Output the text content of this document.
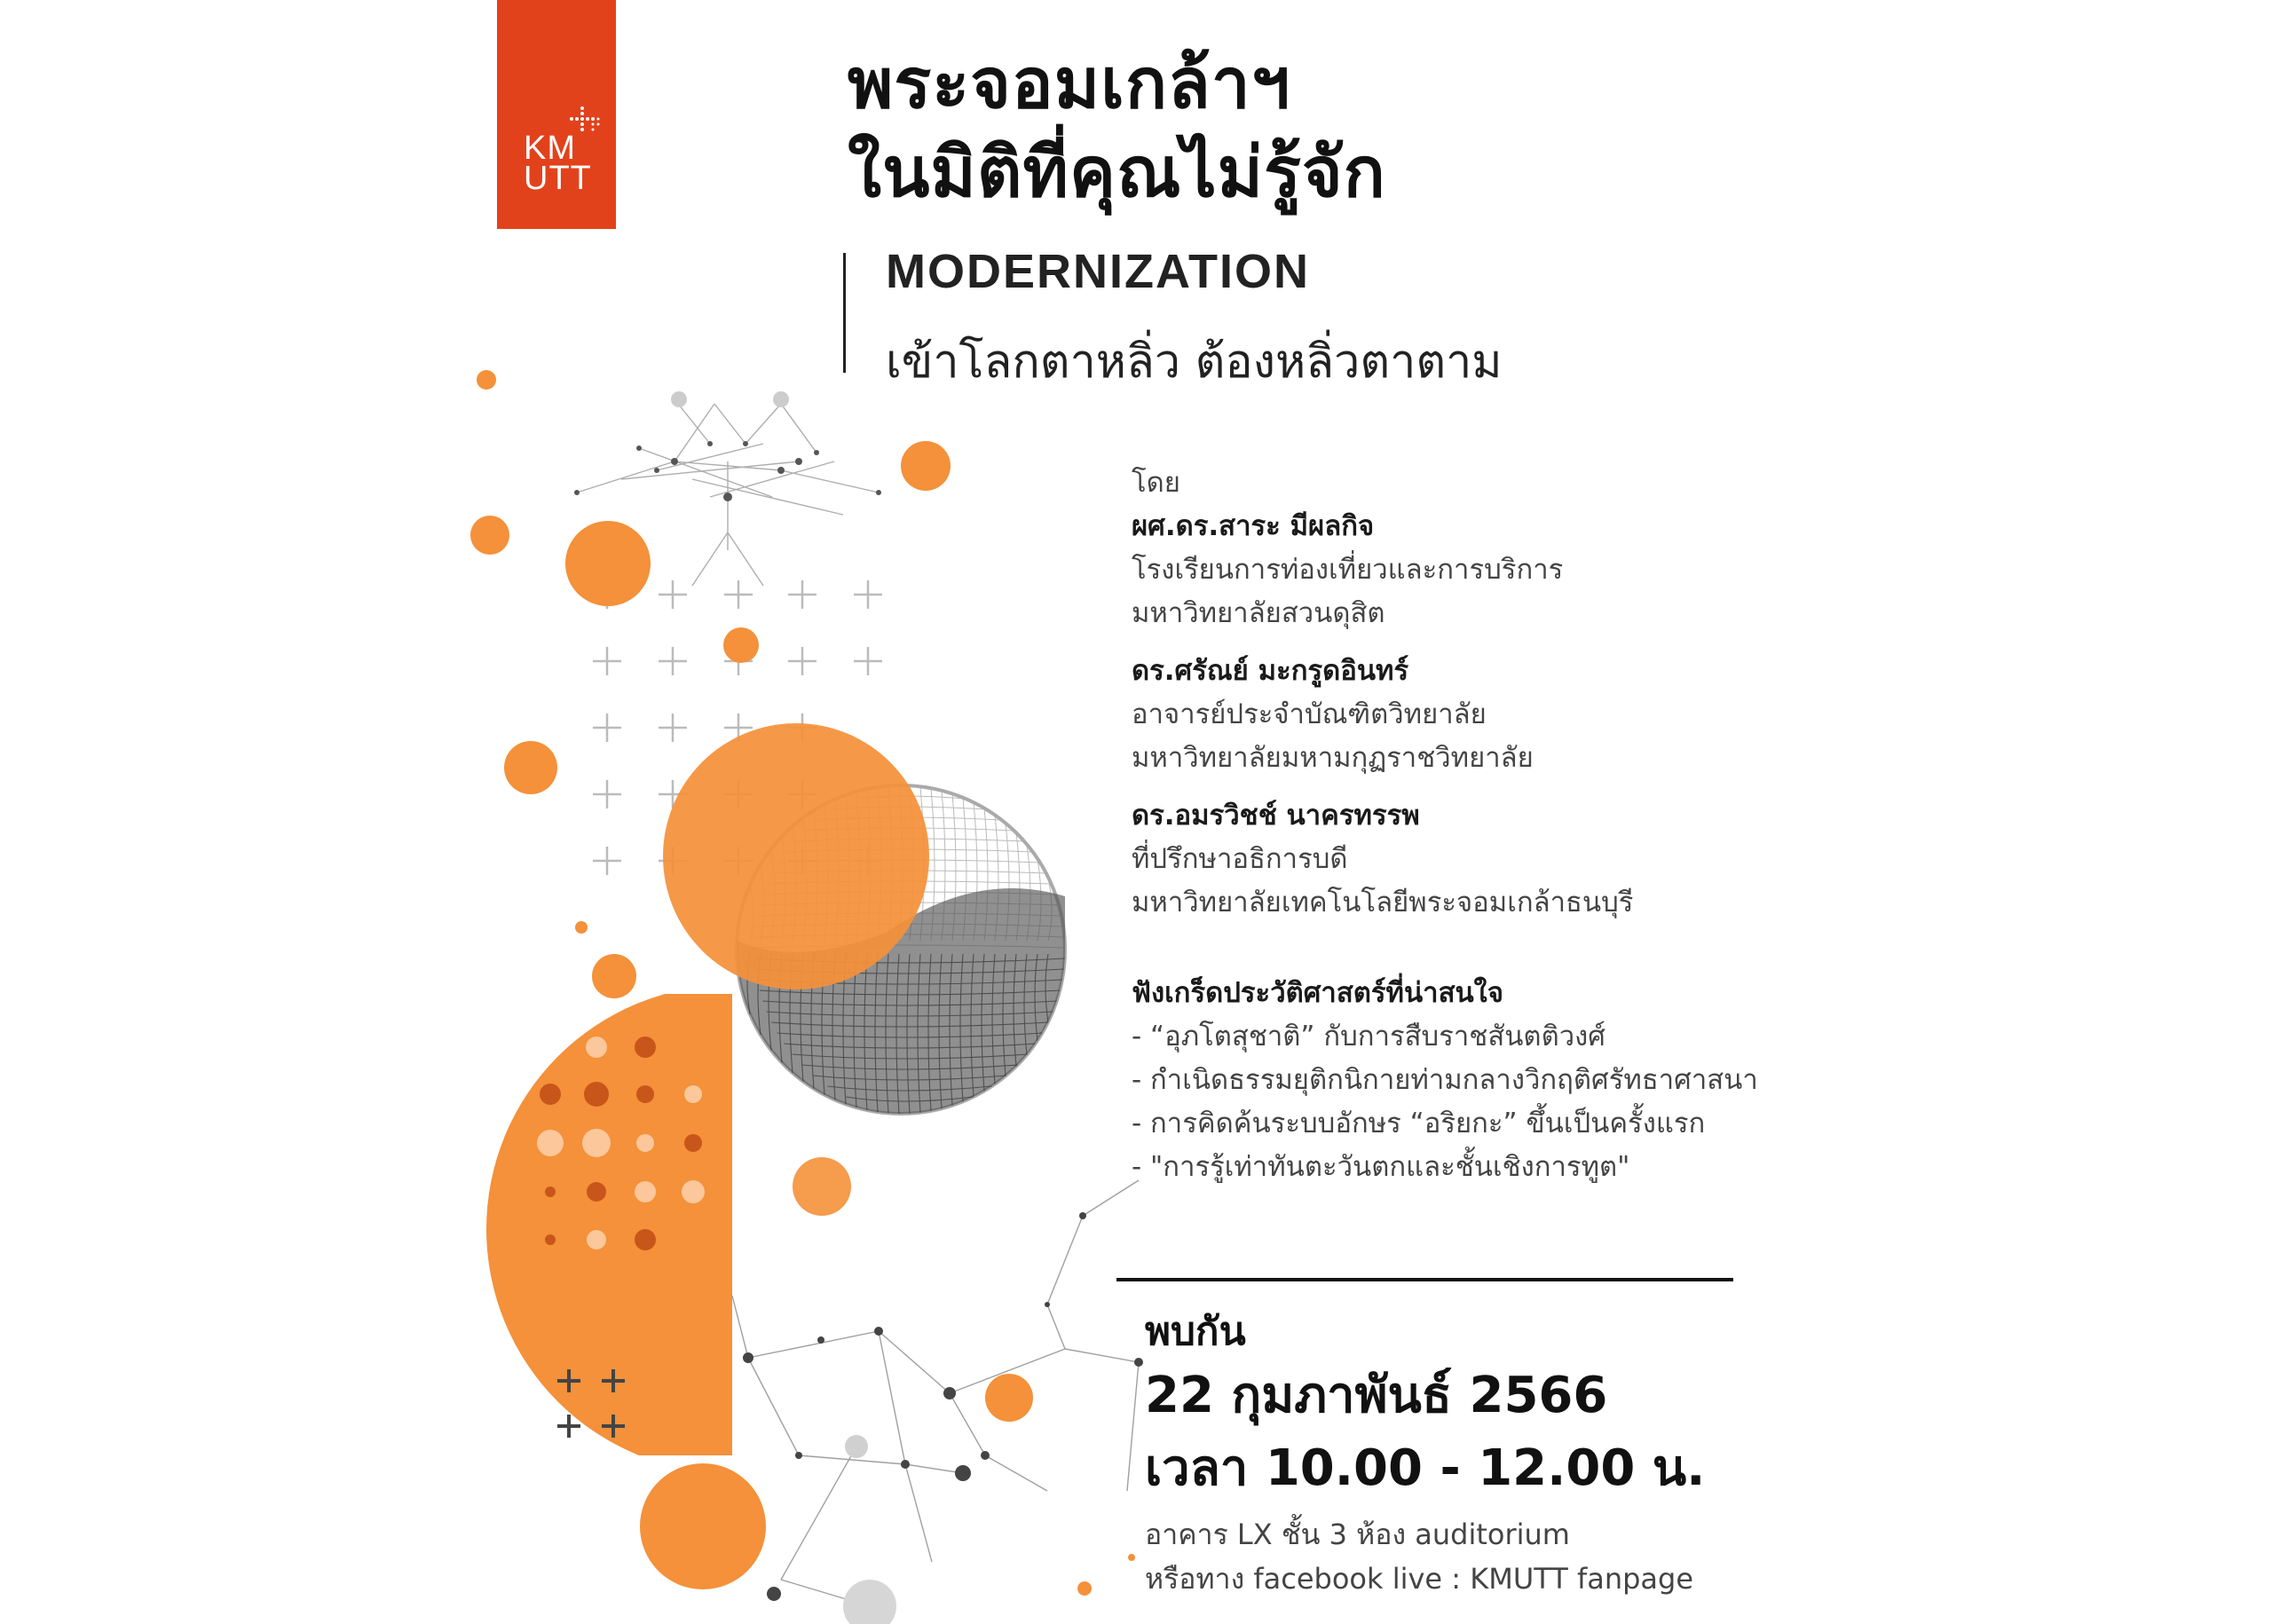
KM
UTT
พระจอมเกล้าฯ
ในมิติที่คุณไม่รู้จัก
MODERNIZATION
เข้าโลกตาหลิ่ว ต้องหลิ่วตาตาม
โดย
ผศ.ดร.สาระ มีผลกิจ
โรงเรียนการท่องเที่ยวและการบริการ
มหาวิทยาลัยสวนดุสิต
ดร.ศรัณย์ มะกรูดอินทร์
อาจารย์ประจำบัณฑิตวิทยาลัย
มหาวิทยาลัยมหามกุฏราชวิทยาลัย
ดร.อมรวิชช์ นาครทรรพ
ที่ปรึกษาอธิการบดี
มหาวิทยาลัยเทคโนโลยีพระจอมเกล้าธนบุรี
ฟังเกร็ดประวัติศาสตร์ที่น่าสนใจ
- “อุภโตสุชาติ” กับการสืบราชสันตติวงศ์
- กำเนิดธรรมยุติกนิกายท่ามกลางวิกฤติศรัทธาศาสนา
- การคิดค้นระบบอักษร “อริยกะ” ขึ้นเป็นครั้งแรก
- "การรู้เท่าทันตะวันตกและชั้นเชิงการทูต"
พบกัน
22 กุมภาพันธ์ 2566
เวลา 10.00 - 12.00 น.
อาคาร LX ชั้น 3 ห้อง auditorium
หรือทาง facebook live : KMUTT fanpage
